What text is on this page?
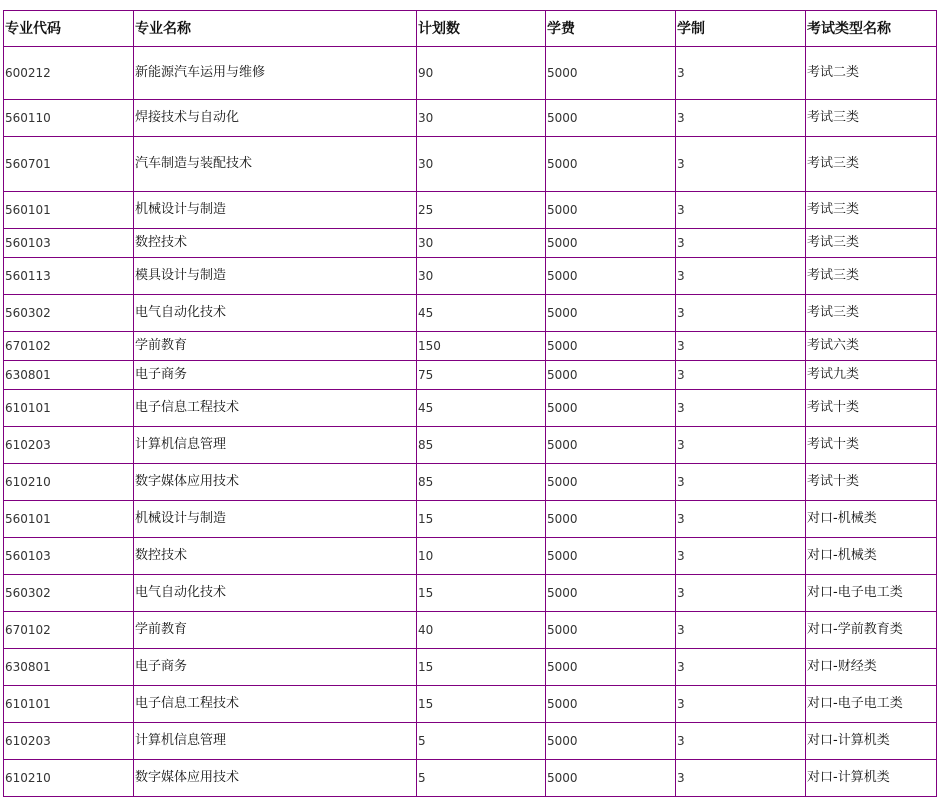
专业代码	专业名称	计划数	学费	学制	考试类型名称
600212	新能源汽车运用与维修	90	5000	3	考试二类
560110	焊接技术与自动化	30	5000	3	考试三类
560701	汽车制造与装配技术	30	5000	3	考试三类
560101	机械设计与制造	25	5000	3	考试三类
560103	数控技术	30	5000	3	考试三类
560113	模具设计与制造	30	5000	3	考试三类
560302	电气自动化技术	45	5000	3	考试三类
670102	学前教育	150	5000	3	考试六类
630801	电子商务	75	5000	3	考试九类
610101	电子信息工程技术	45	5000	3	考试十类
610203	计算机信息管理	85	5000	3	考试十类
610210	数字媒体应用技术	85	5000	3	考试十类
560101	机械设计与制造	15	5000	3	对口-机械类
560103	数控技术	10	5000	3	对口-机械类
560302	电气自动化技术	15	5000	3	对口-电子电工类
670102	学前教育	40	5000	3	对口-学前教育类
630801	电子商务	15	5000	3	对口-财经类
610101	电子信息工程技术	15	5000	3	对口-电子电工类
610203	计算机信息管理	5	5000	3	对口-计算机类
610210	数字媒体应用技术	5	5000	3	对口-计算机类
